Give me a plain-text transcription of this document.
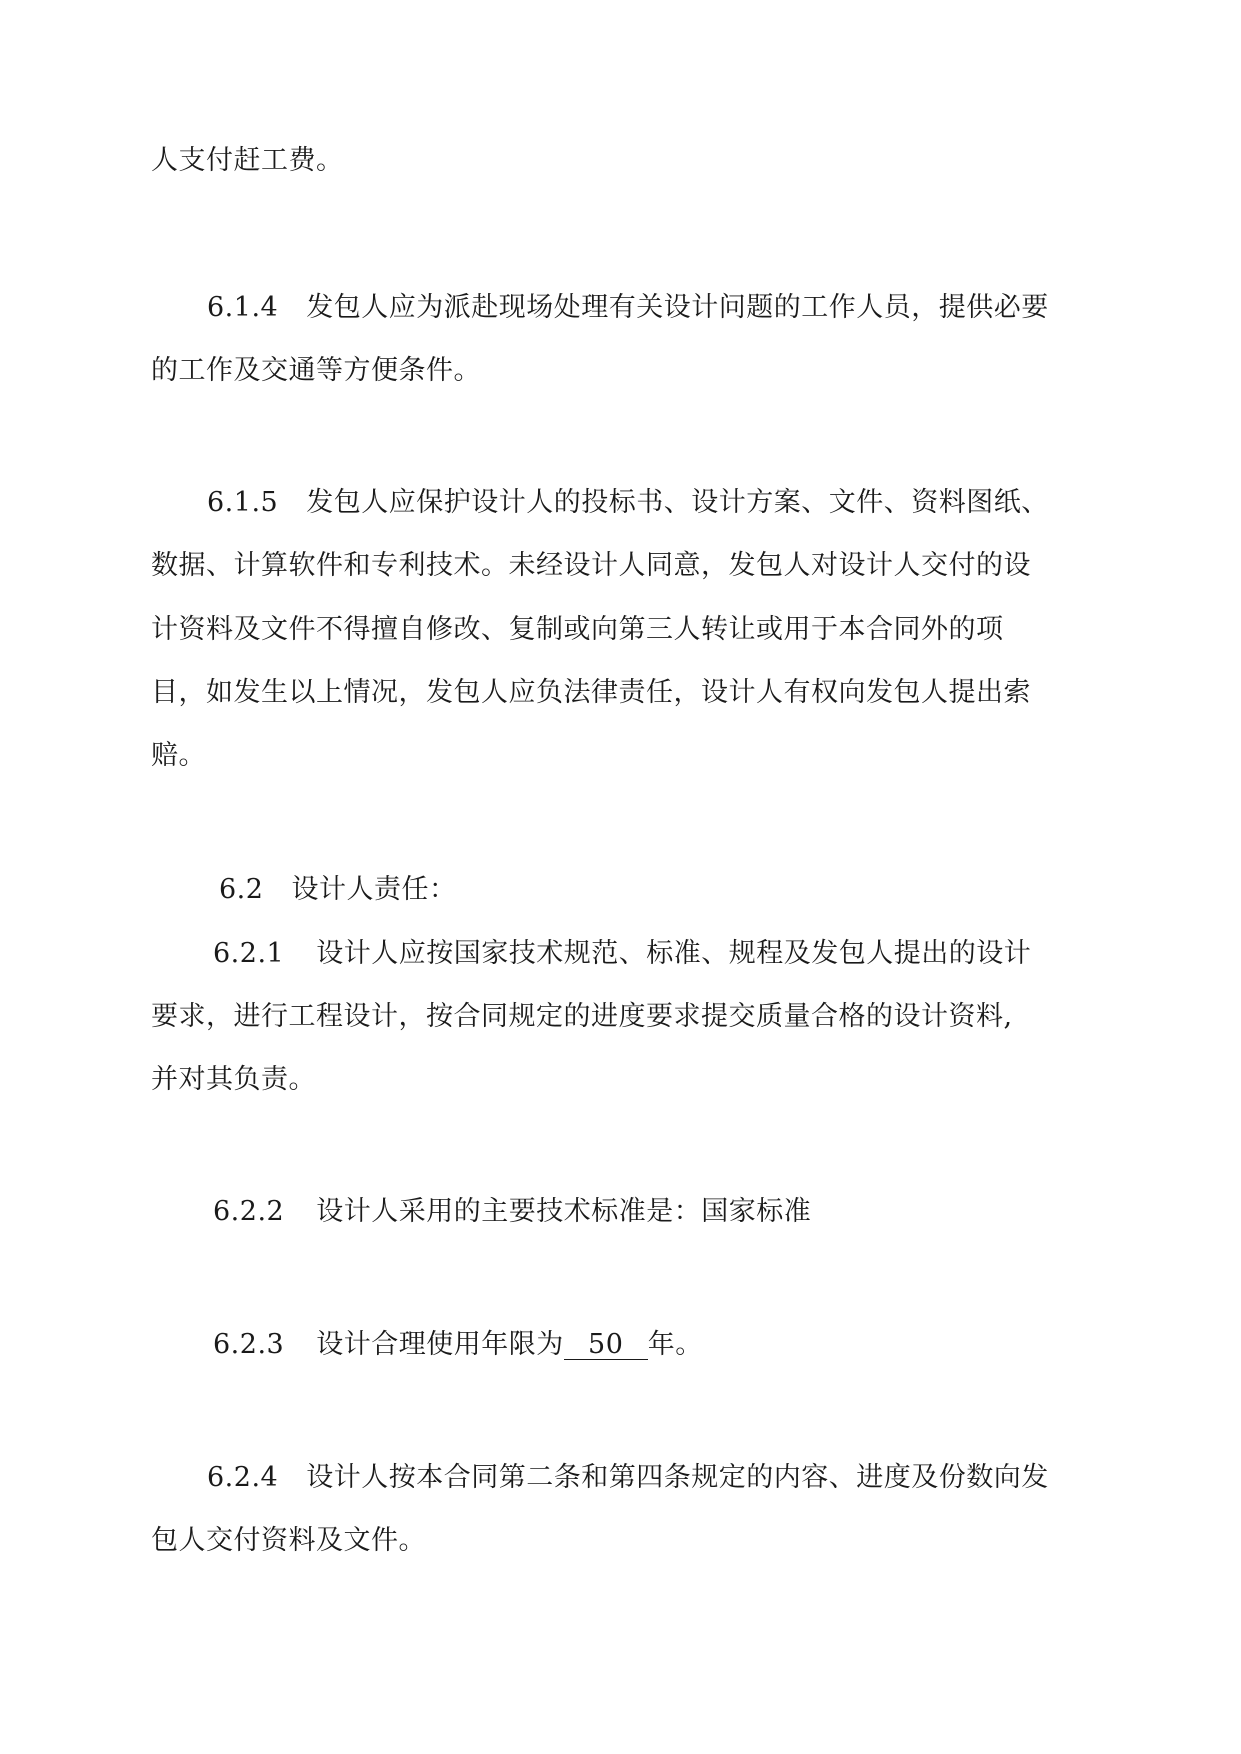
人支付赶工费。
6.1.4 发包人应为派赴现场处理有关设计问题的工作人员，提供必要
的工作及交通等方便条件。
6.1.5 发包人应保护设计人的投标书、设计方案、文件、资料图纸、
数据、计算软件和专利技术。未经设计人同意，发包人对设计人交付的设
计资料及文件不得擅自修改、复制或向第三人转让或用于本合同外的项
目，如发生以上情况，发包人应负法律责任，设计人有权向发包人提出索
赔。
6.2 设计人责任：
6.2.1 设计人应按国家技术规范、标准、规程及发包人提出的设计
要求，进行工程设计，按合同规定的进度要求提交质量合格的设计资料,
并对其负责。
6.2.2 设计人采用的主要技术标准是：国家标准
6.2.3 设计合理使用年限为 50 年。
6.2.4 设计人按本合同第二条和第四条规定的内容、进度及份数向发
包人交付资料及文件。
